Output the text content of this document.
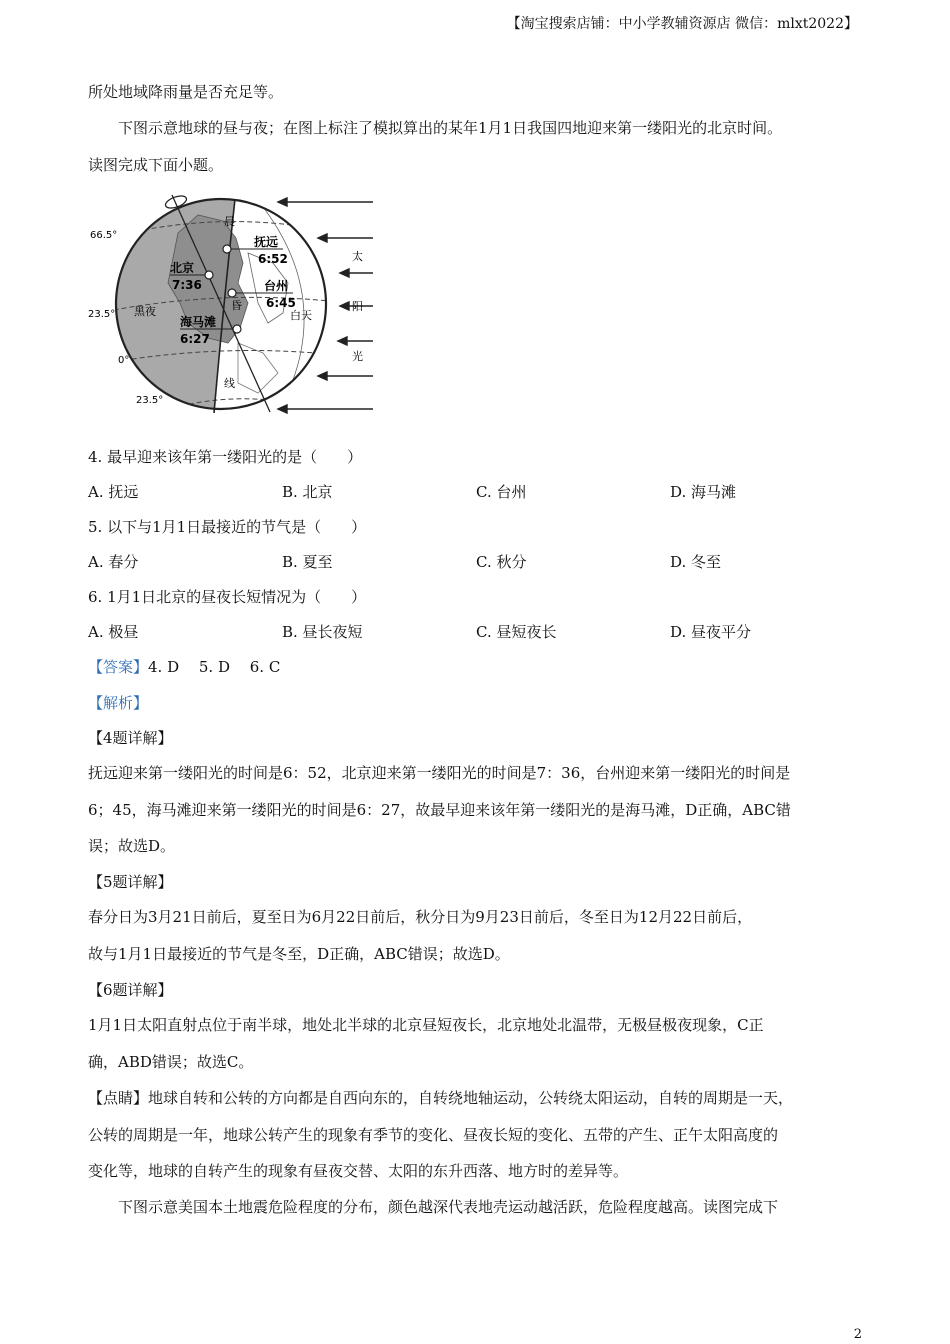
【淘宝搜索店铺：中小学教辅资源店 微信：mlxt2022】
所处地域降雨量是否充足等。
下图示意地球的昼与夜；在图上标注了模拟算出的某年1月1日我国四地迎来第一缕阳光的北京时间。
读图完成下面小题。
66.5°
23.5°
0°
23.5°
黑夜	白天
晨
昏
线
太
阳
光
抚远
6:52
北京
7:36	台州
6:45
海马滩
6:27
4. 最早迎来该年第一缕阳光的是（　　）
A. 抚远	B. 北京	C. 台州	D. 海马滩
5. 以下与1月1日最接近的节气是（　　）
A. 春分	B. 夏至	C. 秋分	D. 冬至
6. 1月1日北京的昼夜长短情况为（　　）
A. 极昼	B. 昼长夜短	C. 昼短夜长	D. 昼夜平分
【答案】4. D　 5. D　 6. C
【解析】
【4题详解】
抚远迎来第一缕阳光的时间是6：52，北京迎来第一缕阳光的时间是7：36，台州迎来第一缕阳光的时间是
6；45，海马滩迎来第一缕阳光的时间是6：27，故最早迎来该年第一缕阳光的是海马滩，D正确，ABC错
误；故选D。
【5题详解】
春分日为3月21日前后，夏至日为6月22日前后，秋分日为9月23日前后，冬至日为12月22日前后，
故与1月1日最接近的节气是冬至，D正确，ABC错误；故选D。
【6题详解】
1月1日太阳直射点位于南半球，地处北半球的北京昼短夜长，北京地处北温带，无极昼极夜现象，C正
确，ABD错误；故选C。
【点睛】地球自转和公转的方向都是自西向东的，自转绕地轴运动，公转绕太阳运动，自转的周期是一天，
公转的周期是一年，地球公转产生的现象有季节的变化、昼夜长短的变化、五带的产生、正午太阳高度的
变化等，地球的自转产生的现象有昼夜交替、太阳的东升西落、地方时的差异等。
下图示意美国本土地震危险程度的分布，颜色越深代表地壳运动越活跃，危险程度越高。读图完成下
2
